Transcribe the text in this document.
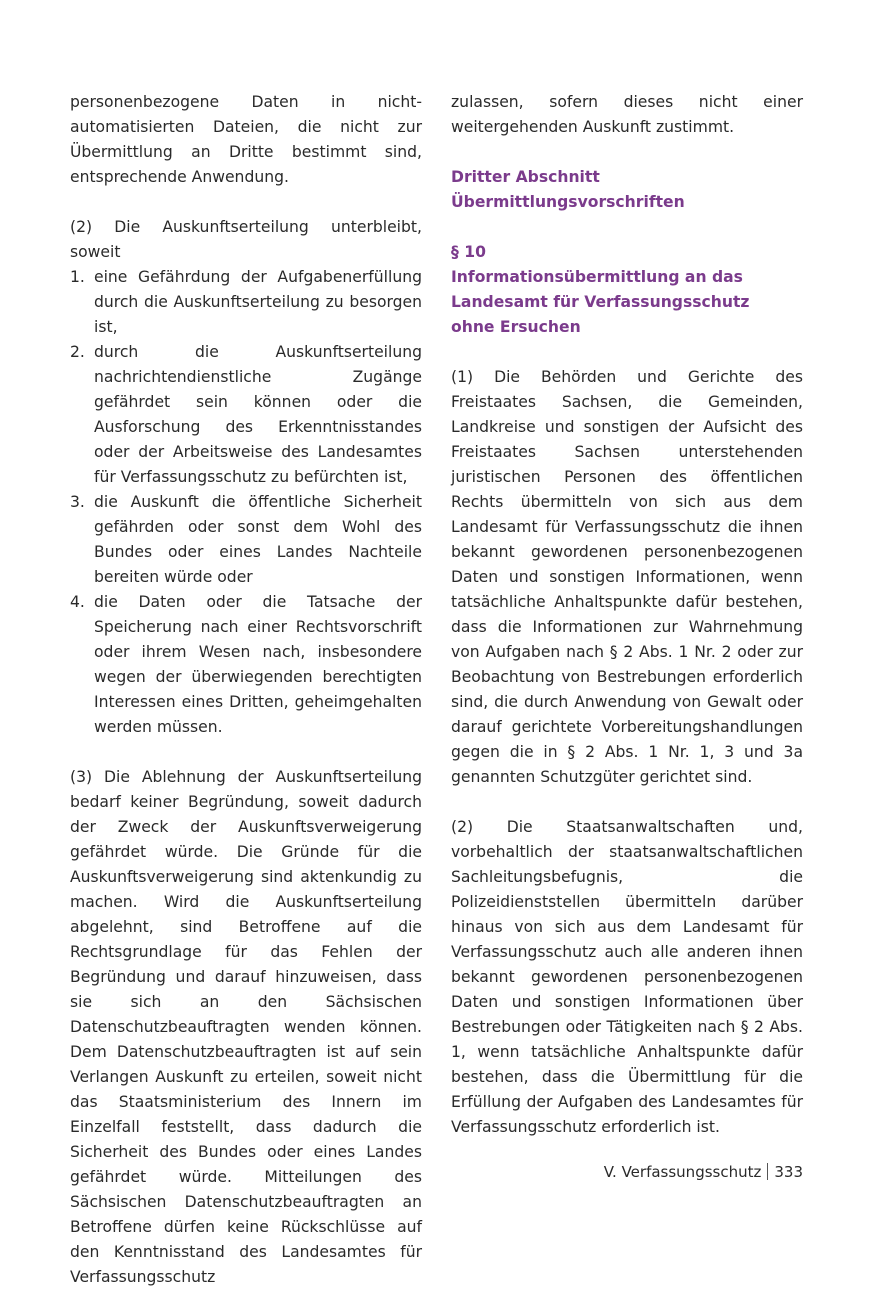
personenbezogene Daten in nicht-automatisierten Dateien, die nicht zur Übermittlung an Dritte bestimmt sind, entsprechende Anwendung.

(2) Die Auskunftserteilung unterbleibt, soweit

1. eine Gefährdung der Aufgabenerfüllung durch die Auskunftserteilung zu besorgen ist,
2. durch die Auskunftserteilung nachrichtendienstliche Zugänge gefährdet sein können oder die Ausforschung des Erkenntnisstandes oder der Arbeitsweise des Landesamtes für Verfassungsschutz zu befürchten ist,
3. die Auskunft die öffentliche Sicherheit gefährden oder sonst dem Wohl des Bundes oder eines Landes Nachteile bereiten würde oder
4. die Daten oder die Tatsache der Speicherung nach einer Rechtsvorschrift oder ihrem Wesen nach, insbesondere wegen der überwiegenden berechtigten Interessen eines Dritten, geheimgehalten werden müssen.

(3) Die Ablehnung der Auskunftserteilung bedarf keiner Begründung, soweit dadurch der Zweck der Auskunftsverweigerung gefährdet würde. Die Gründe für die Auskunftsverweigerung sind aktenkundig zu machen. Wird die Auskunftserteilung abgelehnt, sind Betroffene auf die Rechtsgrundlage für das Fehlen der Begründung und darauf hinzuweisen, dass sie sich an den Sächsischen Datenschutzbeauftragten wenden können. Dem Datenschutzbeauftragten ist auf sein Verlangen Auskunft zu erteilen, soweit nicht das Staatsministerium des Innern im Einzelfall feststellt, dass dadurch die Sicherheit des Bundes oder eines Landes gefährdet würde. Mitteilungen des Sächsischen Datenschutzbeauftragten an Betroffene dürfen keine Rückschlüsse auf den Kenntnisstand des Landesamtes für Verfassungsschutz

zulassen, sofern dieses nicht einer weitergehenden Auskunft zustimmt.

Dritter Abschnitt
Übermittlungsvorschriften
§ 10
Informationsübermittlung an das Landesamt für Verfassungsschutz ohne Ersuchen

(1) Die Behörden und Gerichte des Freistaates Sachsen, die Gemeinden, Landkreise und sonstigen der Aufsicht des Freistaates Sachsen unterstehenden juristischen Personen des öffentlichen Rechts übermitteln von sich aus dem Landesamt für Verfassungsschutz die ihnen bekannt gewordenen personenbezogenen Daten und sonstigen Informationen, wenn tatsächliche Anhaltspunkte dafür bestehen, dass die Informationen zur Wahrnehmung von Aufgaben nach § 2 Abs. 1 Nr. 2 oder zur Beobachtung von Bestrebungen erforderlich sind, die durch Anwendung von Gewalt oder darauf gerichtete Vorbereitungshandlungen gegen die in § 2 Abs. 1 Nr. 1, 3 und 3a genannten Schutzgüter gerichtet sind.

(2) Die Staatsanwaltschaften und, vorbehaltlich der staatsanwaltschaftlichen Sachleitungsbefugnis, die Polizeidienststellen übermitteln darüber hinaus von sich aus dem Landesamt für Verfassungsschutz auch alle anderen ihnen bekannt gewordenen personenbezogenen Daten und sonstigen Informationen über Bestrebungen oder Tätigkeiten nach § 2 Abs. 1, wenn tatsächliche Anhaltspunkte dafür bestehen, dass die Übermittlung für die Erfüllung der Aufgaben des Landesamtes für Verfassungsschutz erforderlich ist.

V. Verfassungsschutz 333
